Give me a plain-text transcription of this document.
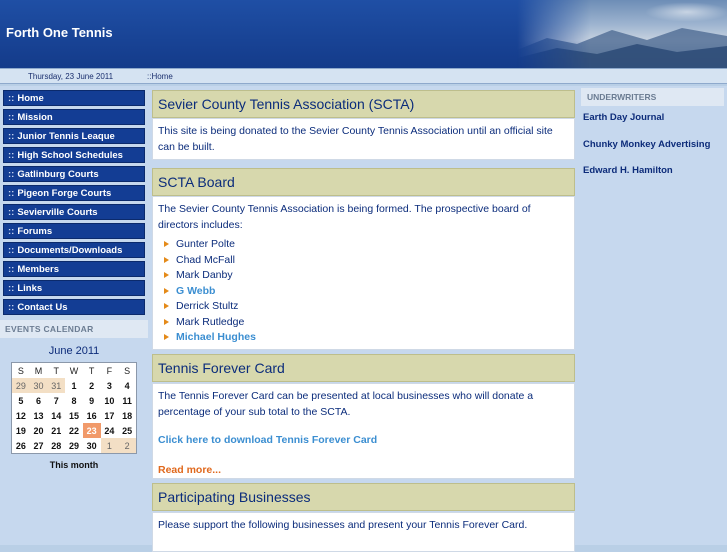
Forth One Tennis
Thursday, 23 June 2011	::Home
:: Home
:: Mission
:: Junior Tennis Leaque
:: High School Schedules
:: Gatlinburg Courts
:: Pigeon Forge Courts
:: Sevierville Courts
:: Forums
:: Documents/Downloads
:: Members
:: Links
:: Contact Us
EVENTS CALENDAR
June 2011
S	M	T	W	T	F	S
29	30	31	1	2	3	4
5	6	7	8	9	10	11
12	13	14	15	16	17	18
19	20	21	22	23	24	25
26	27	28	29	30	1	2
This month
Sevier County Tennis Association (SCTA)

This site is being donated to the Sevier County Tennis Association until an official site can be built.

SCTA Board

The Sevier County Tennis Association is being formed. The prospective board of directors includes:

Gunter Polte
Chad McFall
Mark Danby
G Webb
Derrick Stultz
Mark Rutledge
Michael Hughes
Tennis Forever Card

The Tennis Forever Card can be presented at local businesses who will donate a percentage of your sub total to the SCTA.

Click here to download Tennis Forever Card

Read more...

Participating Businesses

Please support the following businesses and present your Tennis Forever Card.

UNDERWRITERS
Earth Day Journal
Chunky Monkey Advertising
Edward H. Hamilton
